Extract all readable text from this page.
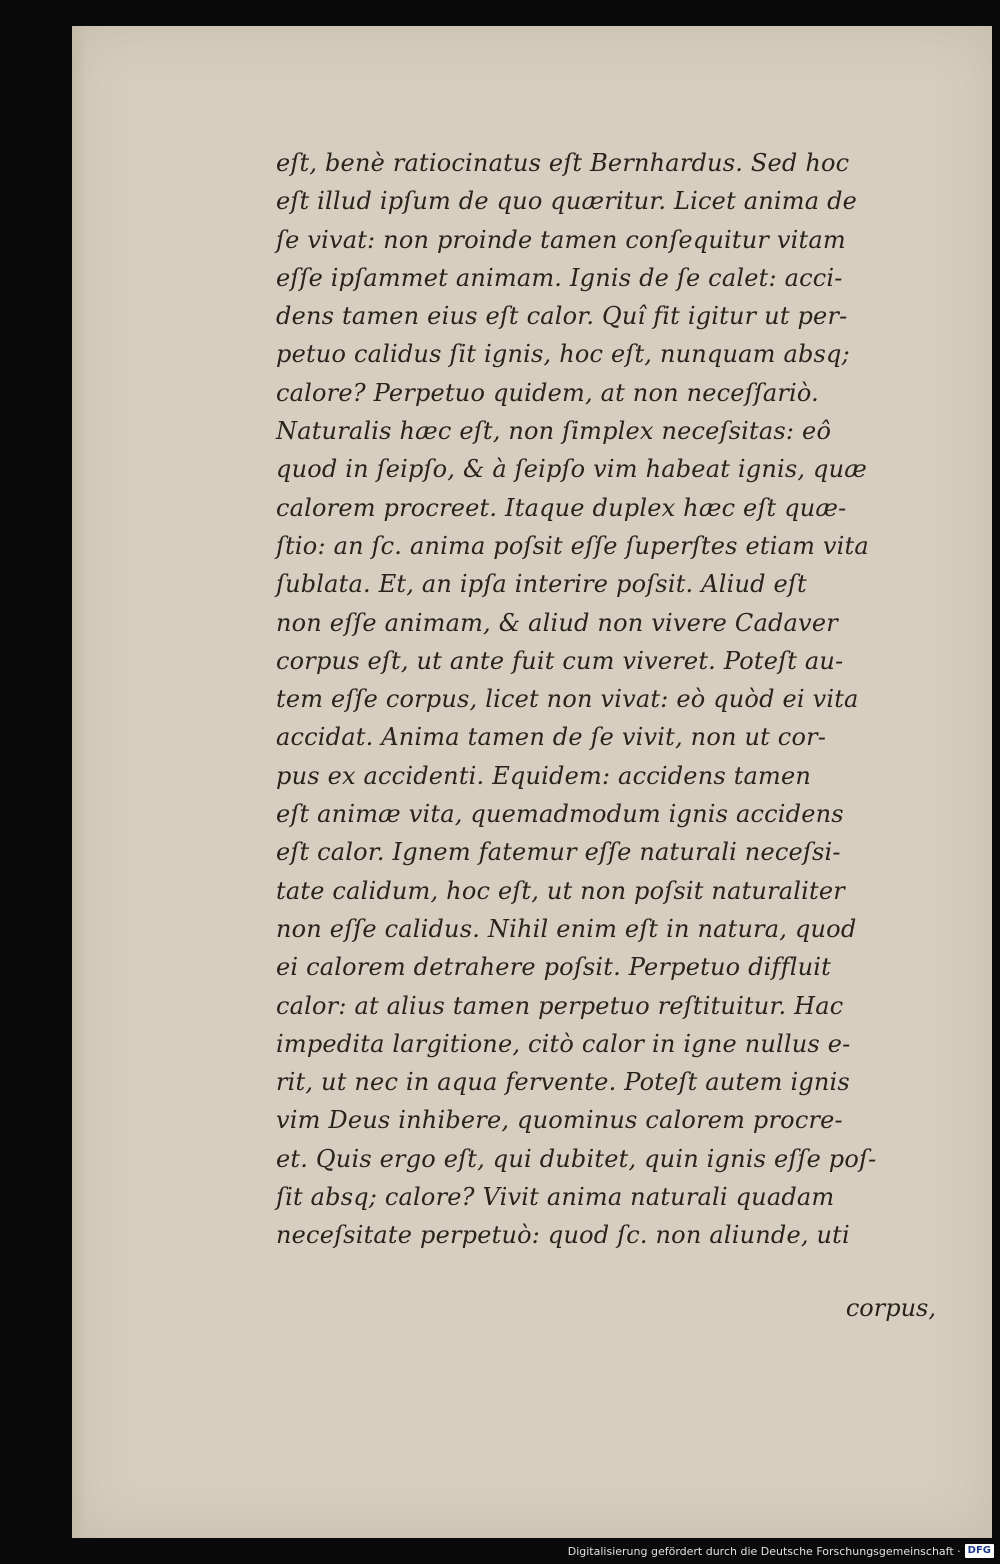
eſt, benè ratiocinatus eſt Bernhardus. Sed hoc
eſt illud ipſum de quo quæritur. Licet anima de
ſe vivat: non proinde tamen conſequitur vitam
eſſe ipſammet animam. Ignis de ſe calet: acci-
dens tamen eius eſt calor. Quî fit igitur ut per-
petuo calidus ſit ignis, hoc eſt, nunquam absq;
calore? Perpetuo quidem, at non neceſſariò.
Naturalis hæc eſt, non ſimplex neceſsitas: eô
quod in ſeipſo, & à ſeipſo vim habeat ignis, quæ
calorem procreet. Itaque duplex hæc eſt quæ-
ſtio: an ſc. anima poſsit eſſe ſuperſtes etiam vita
ſublata. Et, an ipſa interire poſsit. Aliud eſt
non eſſe animam, & aliud non vivere Cadaver
corpus eſt, ut ante fuit cum viveret. Poteſt au-
tem eſſe corpus, licet non vivat: eò quòd ei vita
accidat. Anima tamen de ſe vivit, non ut cor-
pus ex accidenti. Equidem: accidens tamen
eſt animæ vita, quemadmodum ignis accidens
eſt calor. Ignem fatemur eſſe naturali neceſsi-
tate calidum, hoc eſt, ut non poſsit naturaliter
non eſſe calidus. Nihil enim eſt in natura, quod
ei calorem detrahere poſsit. Perpetuo diffluit
calor: at alius tamen perpetuo reſtituitur. Hac
impedita largitione, citò calor in igne nullus e-
rit, ut nec in aqua fervente. Poteſt autem ignis
vim Deus inhibere, quominus calorem procre-
et. Quis ergo eſt, qui dubitet, quin ignis eſſe poſ-
ſit absq; calore? Vivit anima naturali quadam
neceſsitate perpetuò: quod ſc. non aliunde, uti
corpus,
Digitalisierung gefördert durch die Deutsche Forschungsgemeinschaft · DFG
